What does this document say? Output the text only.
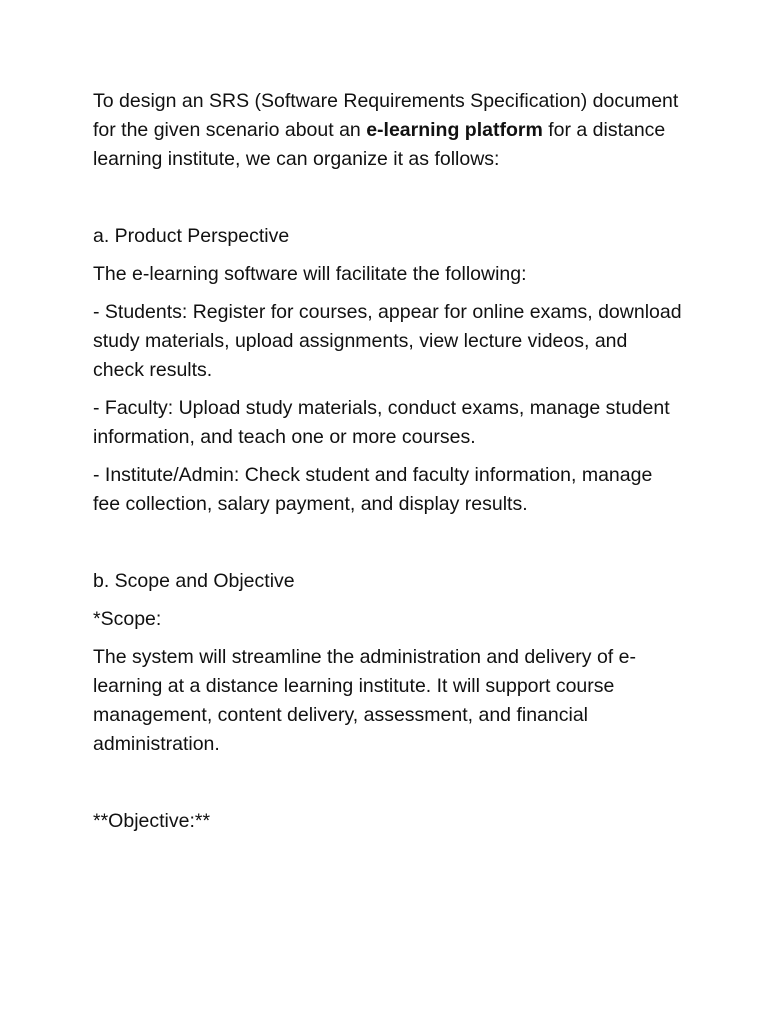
To design an SRS (Software Requirements Specification) document for the given scenario about an e-learning platform for a distance learning institute, we can organize it as follows:

a. Product Perspective

The e-learning software will facilitate the following:

- Students: Register for courses, appear for online exams, download study materials, upload assignments, view lecture videos, and check results.

- Faculty: Upload study materials, conduct exams, manage student information, and teach one or more courses.

- Institute/Admin: Check student and faculty information, manage fee collection, salary payment, and display results.

b. Scope and Objective

*Scope:

The system will streamline the administration and delivery of e-learning at a distance learning institute. It will support course management, content delivery, assessment, and financial administration.

**Objective:**
